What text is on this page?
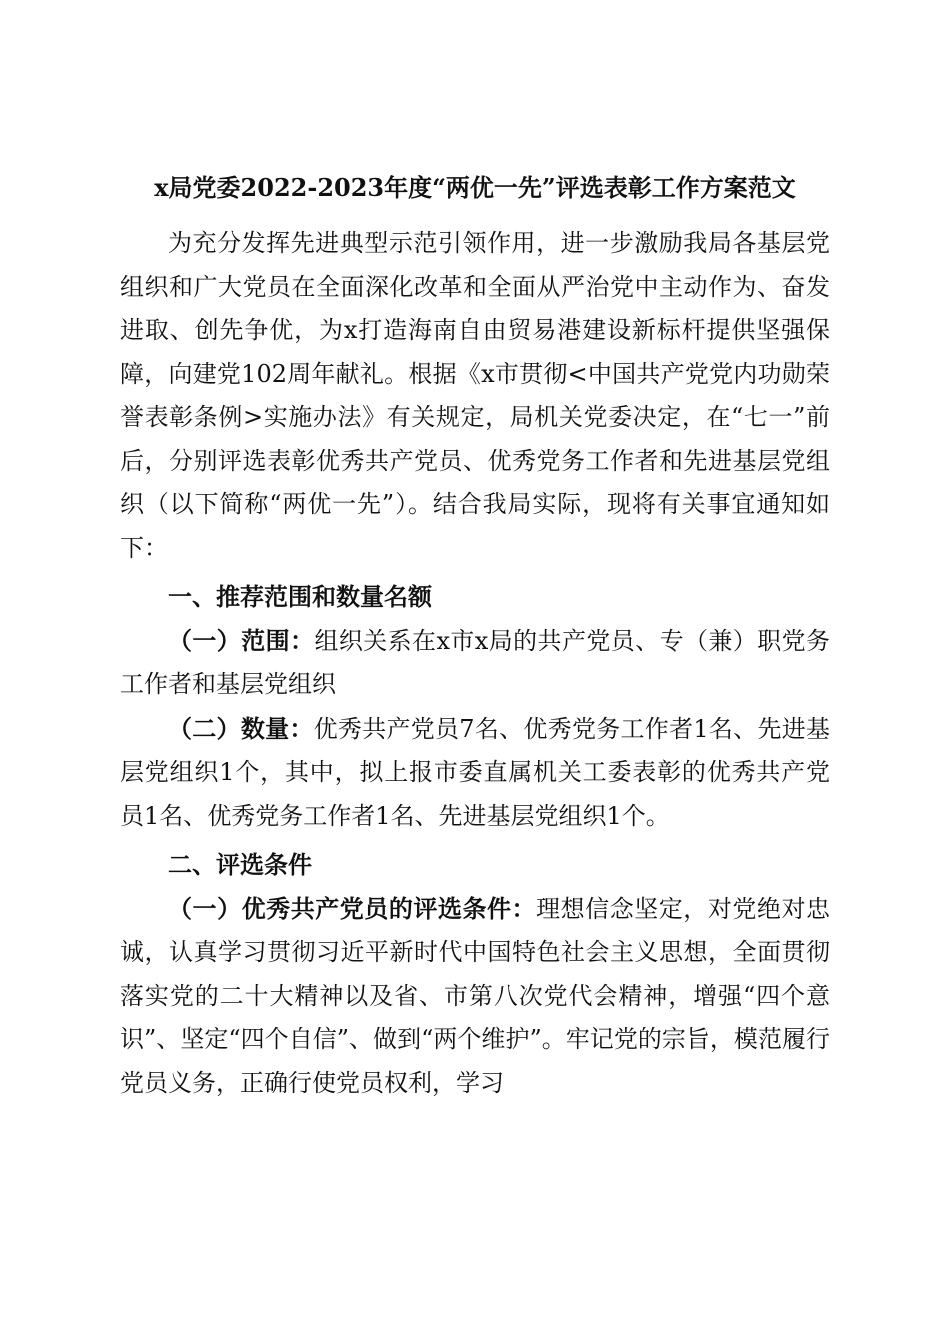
x局党委2022-2023年度“两优一先”评选表彰工作方案范文

为充分发挥先进典型示范引领作用，进一步激励我局各基层党组织和广大党员在全面深化改革和全面从严治党中主动作为、奋发进取、创先争优，为x打造海南自由贸易港建设新标杆提供坚强保障，向建党102周年献礼。根据《x市贯彻<中国共产党党内功勋荣誉表彰条例>实施办法》有关规定，局机关党委决定，在“七一”前后，分别评选表彰优秀共产党员、优秀党务工作者和先进基层党组织（以下简称“两优一先”）。结合我局实际，现将有关事宜通知如下：

一、推荐范围和数量名额

（一）范围：组织关系在x市x局的共产党员、专（兼）职党务工作者和基层党组织

（二）数量：优秀共产党员7名、优秀党务工作者1名、先进基层党组织1个，其中，拟上报市委直属机关工委表彰的优秀共产党员1名、优秀党务工作者1名、先进基层党组织1个。

二、评选条件

（一）优秀共产党员的评选条件：理想信念坚定，对党绝对忠诚，认真学习贯彻习近平新时代中国特色社会主义思想，全面贯彻落实党的二十大精神以及省、市第八次党代会精神，增强“四个意识”、坚定“四个自信”、做到“两个维护”。牢记党的宗旨，模范履行党员义务，正确行使党员权利，学习
